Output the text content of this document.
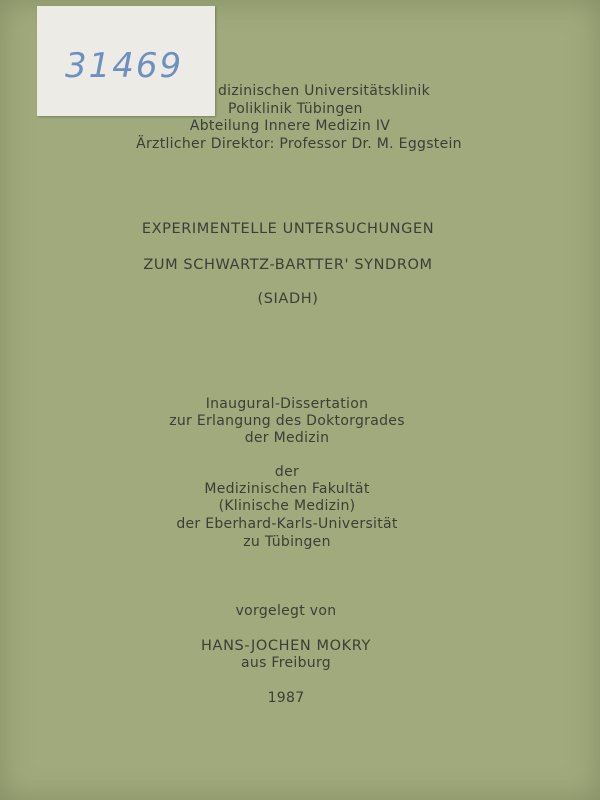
dizinischen Universitätsklinik
Poliklinik Tübingen
Abteilung Innere Medizin IV
Ärztlicher Direktor: Professor Dr. M. Eggstein
31469
EXPERIMENTELLE UNTERSUCHUNGEN
ZUM SCHWARTZ-BARTTER' SYNDROM
(SIADH)
Inaugural-Dissertation
zur Erlangung des Doktorgrades
der Medizin
der
Medizinischen Fakultät
(Klinische Medizin)
der Eberhard-Karls-Universität
zu Tübingen
vorgelegt von
HANS-JOCHEN MOKRY
aus Freiburg
1987
